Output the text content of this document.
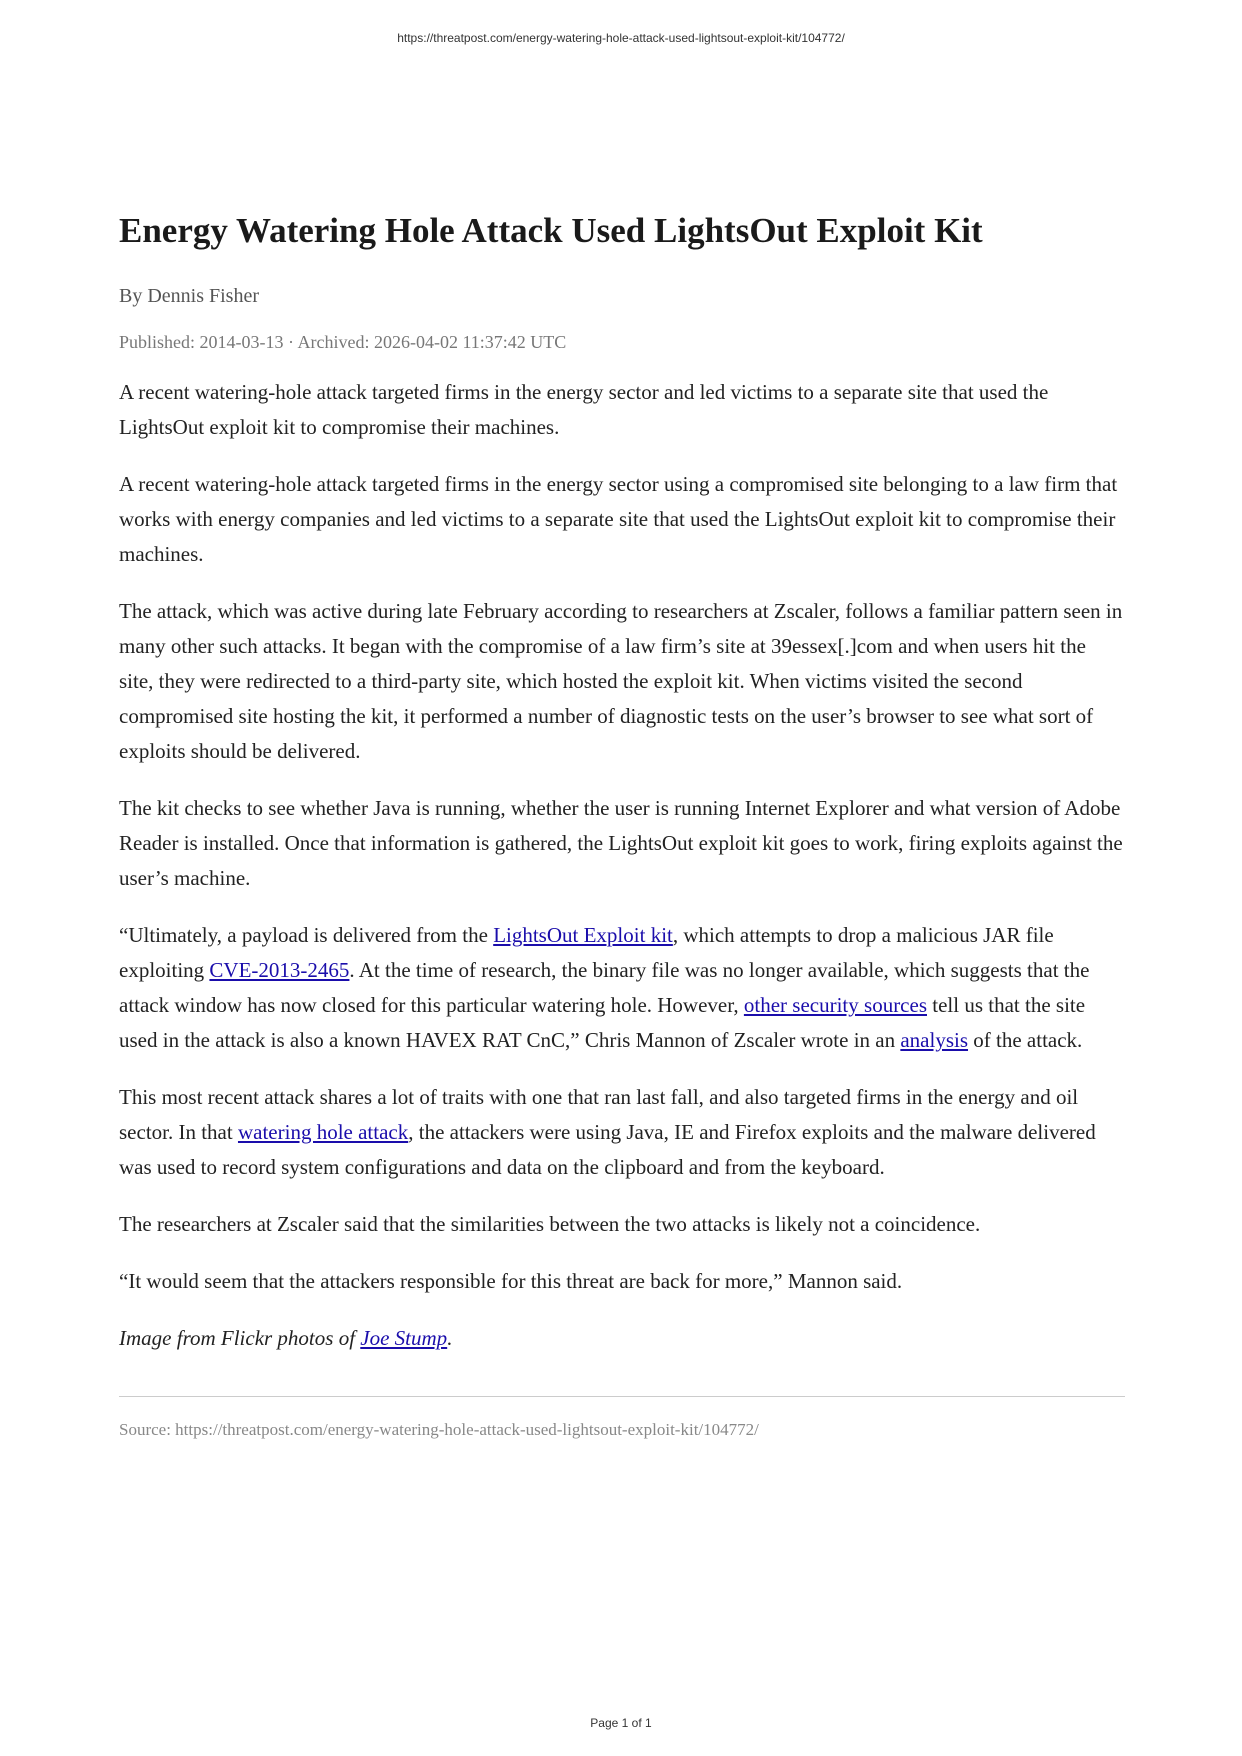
https://threatpost.com/energy-watering-hole-attack-used-lightsout-exploit-kit/104772/
Energy Watering Hole Attack Used LightsOut Exploit Kit
By Dennis Fisher
Published: 2014-03-13 · Archived: 2026-04-02 11:37:42 UTC

A recent watering-hole attack targeted firms in the energy sector and led victims to a separate site that used the LightsOut exploit kit to compromise their machines.

A recent watering-hole attack targeted firms in the energy sector using a compromised site belonging to a law firm that works with energy companies and led victims to a separate site that used the LightsOut exploit kit to compromise their machines.

The attack, which was active during late February according to researchers at Zscaler, follows a familiar pattern seen in many other such attacks. It began with the compromise of a law firm’s site at 39essex[.]com and when users hit the site, they were redirected to a third-party site, which hosted the exploit kit. When victims visited the second compromised site hosting the kit, it performed a number of diagnostic tests on the user’s browser to see what sort of exploits should be delivered.

The kit checks to see whether Java is running, whether the user is running Internet Explorer and what version of Adobe Reader is installed. Once that information is gathered, the LightsOut exploit kit goes to work, firing exploits against the user’s machine.

“Ultimately, a payload is delivered from the LightsOut Exploit kit, which attempts to drop a malicious JAR file exploiting CVE-2013-2465. At the time of research, the binary file was no longer available, which suggests that the attack window has now closed for this particular watering hole. However, other security sources tell us that the site used in the attack is also a known HAVEX RAT CnC,” Chris Mannon of Zscaler wrote in an analysis of the attack.

This most recent attack shares a lot of traits with one that ran last fall, and also targeted firms in the energy and oil sector. In that watering hole attack, the attackers were using Java, IE and Firefox exploits and the malware delivered was used to record system configurations and data on the clipboard and from the keyboard.

The researchers at Zscaler said that the similarities between the two attacks is likely not a coincidence.

“It would seem that the attackers responsible for this threat are back for more,” Mannon said.

Image from Flickr photos of Joe Stump.

Source: https://threatpost.com/energy-watering-hole-attack-used-lightsout-exploit-kit/104772/
Page 1 of 1
